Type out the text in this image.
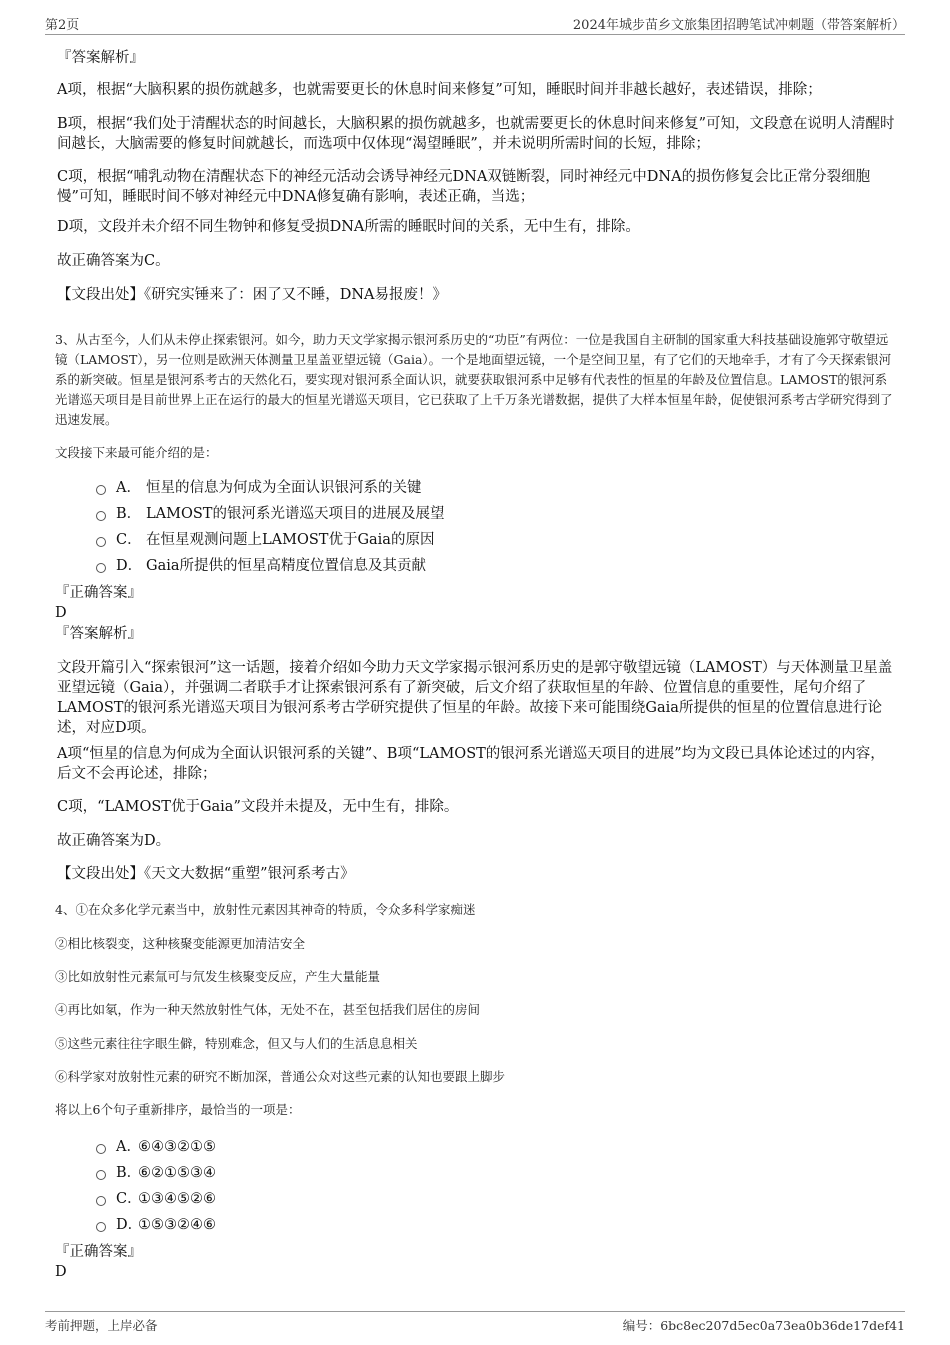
第2页	2024年城步苗乡文旅集团招聘笔试冲刺题（带答案解析）
『答案解析』
A项，根据“大脑积累的损伤就越多，也就需要更长的休息时间来修复”可知，睡眠时间并非越长越好，表述错误，排除；
B项，根据“我们处于清醒状态的时间越长，大脑积累的损伤就越多，也就需要更长的休息时间来修复”可知，文段意在说明人清醒时间越长，大脑需要的修复时间就越长，而选项中仅体现“渴望睡眠”，并未说明所需时间的长短，排除；
C项，根据“哺乳动物在清醒状态下的神经元活动会诱导神经元DNA双链断裂，同时神经元中DNA的损伤修复会比正常分裂细胞慢”可知，睡眠时间不够对神经元中DNA修复确有影响，表述正确，当选；
D项，文段并未介绍不同生物钟和修复受损DNA所需的睡眠时间的关系，无中生有，排除。
故正确答案为C。
【文段出处】《研究实锤来了：困了又不睡，DNA易报废！》
3、从古至今，人们从未停止探索银河。如今，助力天文学家揭示银河系历史的“功臣”有两位：一位是我国自主研制的国家重大科技基础设施郭守敬望远镜（LAMOST），另一位则是欧洲天体测量卫星盖亚望远镜（Gaia）。一个是地面望远镜，一个是空间卫星，有了它们的天地牵手，才有了今天探索银河系的新突破。恒星是银河系考古的天然化石，要实现对银河系全面认识，就要获取银河系中足够有代表性的恒星的年龄及位置信息。LAMOST的银河系光谱巡天项目是目前世界上正在运行的最大的恒星光谱巡天项目，它已获取了上千万条光谱数据，提供了大样本恒星年龄，促使银河系考古学研究得到了迅速发展。
文段接下来最可能介绍的是：
A． 恒星的信息为何成为全面认识银河系的关键
B． LAMOST的银河系光谱巡天项目的进展及展望
C． 在恒星观测问题上LAMOST优于Gaia的原因
D． Gaia所提供的恒星高精度位置信息及其贡献
『正确答案』
D
『答案解析』
文段开篇引入“探索银河”这一话题，接着介绍如今助力天文学家揭示银河系历史的是郭守敬望远镜（LAMOST）与天体测量卫星盖亚望远镜（Gaia），并强调二者联手才让探索银河系有了新突破，后文介绍了获取恒星的年龄、位置信息的重要性，尾句介绍了LAMOST的银河系光谱巡天项目为银河系考古学研究提供了恒星的年龄。故接下来可能围绕Gaia所提供的恒星的位置信息进行论述，对应D项。
A项“恒星的信息为何成为全面认识银河系的关键”、B项“LAMOST的银河系光谱巡天项目的进展”均为文段已具体论述过的内容，后文不会再论述，排除；
C项，“LAMOST优于Gaia”文段并未提及，无中生有，排除。
故正确答案为D。
【文段出处】《天文大数据“重塑”银河系考古》
4、①在众多化学元素当中，放射性元素因其神奇的特质，令众多科学家痴迷
②相比核裂变，这种核聚变能源更加清洁安全
③比如放射性元素氚可与氘发生核聚变反应，产生大量能量
④再比如氡，作为一种天然放射性气体，无处不在，甚至包括我们居住的房间
⑤这些元素往往字眼生僻，特别难念，但又与人们的生活息息相关
⑥科学家对放射性元素的研究不断加深，普通公众对这些元素的认知也要跟上脚步
将以上6个句子重新排序，最恰当的一项是：
A．
⑥④③②①⑤
B．
⑥②①⑤③④
C．
①③④⑤②⑥
D．
①⑤③②④⑥
『正确答案』
D
考前押题，上岸必备	编号：6bc8ec207d5ec0a73ea0b36de17def41
